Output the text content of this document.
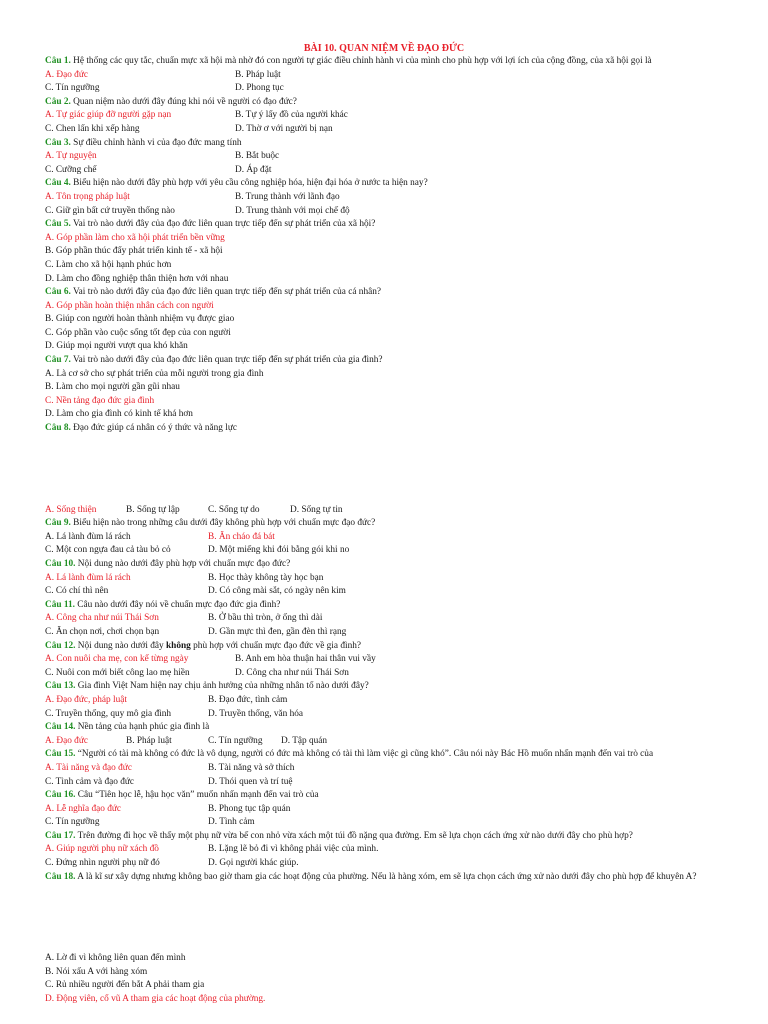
BÀI 10. QUAN NIỆM VỀ ĐẠO ĐỨC
Câu 1. Hệ thống các quy tắc, chuẩn mực xã hội mà nhờ đó con người tự giác điều chỉnh hành vi của mình cho phù hợp với lợi ích của cộng đồng, của xã hội gọi là
A. Đạo đức	B. Pháp luật
C. Tín ngưỡng	D. Phong tục
Câu 2. Quan niệm nào dưới đây đúng khi nói về người có đạo đức?
A. Tự giác giúp đỡ người gặp nạn	B. Tự ý lấy đồ của người khác
C. Chen lấn khi xếp hàng	D. Thờ ơ với người bị nạn
Câu 3. Sự điều chỉnh hành vi của đạo đức mang tính
A. Tự nguyện	B. Bắt buộc
C. Cưỡng chế	D. Áp đặt
Câu 4. Biểu hiện nào dưới đây phù hợp với yêu cầu công nghiệp hóa, hiện đại hóa ở nước ta hiện nay?
A. Tôn trọng pháp luật	B. Trung thành với lãnh đạo
C. Giữ gìn bất cứ truyền thống nào	D. Trung thành với mọi chế độ
Câu 5. Vai trò nào dưới đây của đạo đức liên quan trực tiếp đến sự phát triển của xã hội?
A. Góp phần làm cho xã hội phát triển bền vững
B. Góp phần thúc đẩy phát triển kinh tế - xã hội
C. Làm cho xã hội hạnh phúc hơn
D. Làm cho đồng nghiệp thân thiện hơn với nhau
Câu 6. Vai trò nào dưới đây của đạo đức liên quan trực tiếp đến sự phát triển của cá nhân?
A. Góp phần hoàn thiện nhân cách con người
B. Giúp con người hoàn thành nhiệm vụ được giao
C. Góp phần vào cuộc sống tốt đẹp của con người
D. Giúp mọi người vượt qua khó khăn
Câu 7. Vai trò nào dưới đây của đạo đức liên quan trực tiếp đến sự phát triển của gia đình?
A. Là cơ sở cho sự phát triển của mỗi người trong gia đình
B. Làm cho mọi người gần gũi nhau
C. Nền tảng đạo đức gia đình
D. Làm cho gia đình có kinh tế khá hơn
Câu 8. Đạo đức giúp cá nhân có ý thức và năng lực
A. Sống thiện	B. Sống tự lập	C. Sống tự do	D. Sống tự tin
Câu 9. Biểu hiện nào trong những câu dưới đây không phù hợp với chuẩn mực đạo đức?
A. Lá lành đùm lá rách	B. Ăn cháo đá bát
C. Một con ngựa đau cả tàu bỏ cỏ	D. Một miếng khi đói bằng gói khi no
Câu 10. Nội dung nào dưới đây phù hợp với chuẩn mực đạo đức?
A. Lá lành đùm lá rách	B. Học thày không tày học bạn
C. Có chí thì nên	D. Có công mài sắt, có ngày nên kim
Câu 11. Câu nào dưới đây nói về chuẩn mực đạo đức gia đình?
A. Công cha như núi Thái Sơn	B. Ở bầu thì tròn, ở ống thì dài
C. Ăn chọn nơi, chơi chọn bạn	D. Gần mực thì đen, gần đèn thì rạng
Câu 12. Nội dung nào dưới đây không phù hợp với chuẩn mực đạo đức về gia đình?
A. Con nuôi cha mẹ, con kể từng ngày	B. Anh em hòa thuận hai thân vui vầy
C. Nuôi con mới biết công lao mẹ hiền	D. Công cha như núi Thái Sơn
Câu 13. Gia đình Việt Nam hiện nay chịu ảnh hưởng của những nhân tố nào dưới đây?
A. Đạo đức, pháp luật	B. Đạo đức, tình cảm
C. Truyền thống, quy mô gia đình	D. Truyền thống, văn hóa
Câu 14. Nền tảng của hạnh phúc gia đình là
A. Đạo đức	B. Pháp luật	C. Tín ngưỡng D. Tập quán
Câu 15. “Người có tài mà không có đức là vô dụng, người có đức mà không có tài thì làm việc gì cũng khó”. Câu nói này Bác Hồ muốn nhấn mạnh đến vai trò của
A. Tài năng và đạo đức	B. Tài năng và sở thích
C. Tình cảm và đạo đức	D. Thói quen và trí tuệ
Câu 16. Câu “Tiên học lễ, hậu học văn” muốn nhấn mạnh đến vai trò của
A. Lễ nghĩa đạo đức	B. Phong tục tập quán
C. Tín ngưỡng	D. Tình cảm
Câu 17. Trên đường đi học về thấy một phụ nữ vừa bế con nhỏ vừa xách một túi đồ nặng qua đường. Em sẽ lựa chọn cách ứng xử nào dưới đây cho phù hợp?
A. Giúp người phụ nữ xách đồ	B. Lặng lẽ bỏ đi vì không phải việc của mình.
C. Đứng nhìn người phụ nữ đó	D. Gọi người khác giúp.
Câu 18. A là kĩ sư xây dựng nhưng không bao giờ tham gia các hoạt động của phường. Nếu là hàng xóm, em sẽ lựa chọn cách ứng xử nào dưới đây cho phù hợp để khuyên A?
A. Lờ đi vì không liên quan đến mình
B. Nói xấu A với hàng xóm
C. Rủ nhiều người đến bắt A phải tham gia
D. Động viên, cổ vũ A tham gia các hoạt động của phường.
